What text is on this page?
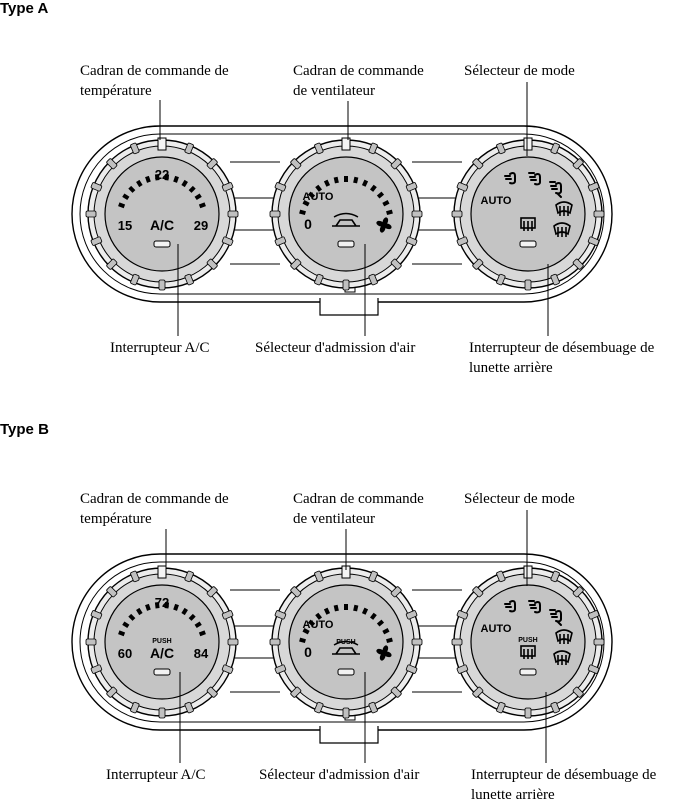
Type A
Cadran de commande de
température
Cadran de commande
de ventilateur
Sélecteur de mode
Interrupteur A/C	Sélecteur d'admission d'air	Interrupteur de désembuage de
lunette arrière
22
15	29
A/C
AUTO
0
AUTO
Type B
Cadran de commande de
température
Cadran de commande
de ventilateur
Sélecteur de mode
Interrupteur A/C	Sélecteur d'admission d'air	Interrupteur de désembuage de
lunette arrière
72
60	84
A/C
PUSH
AUTO
0
PUSH
AUTO
PUSH
